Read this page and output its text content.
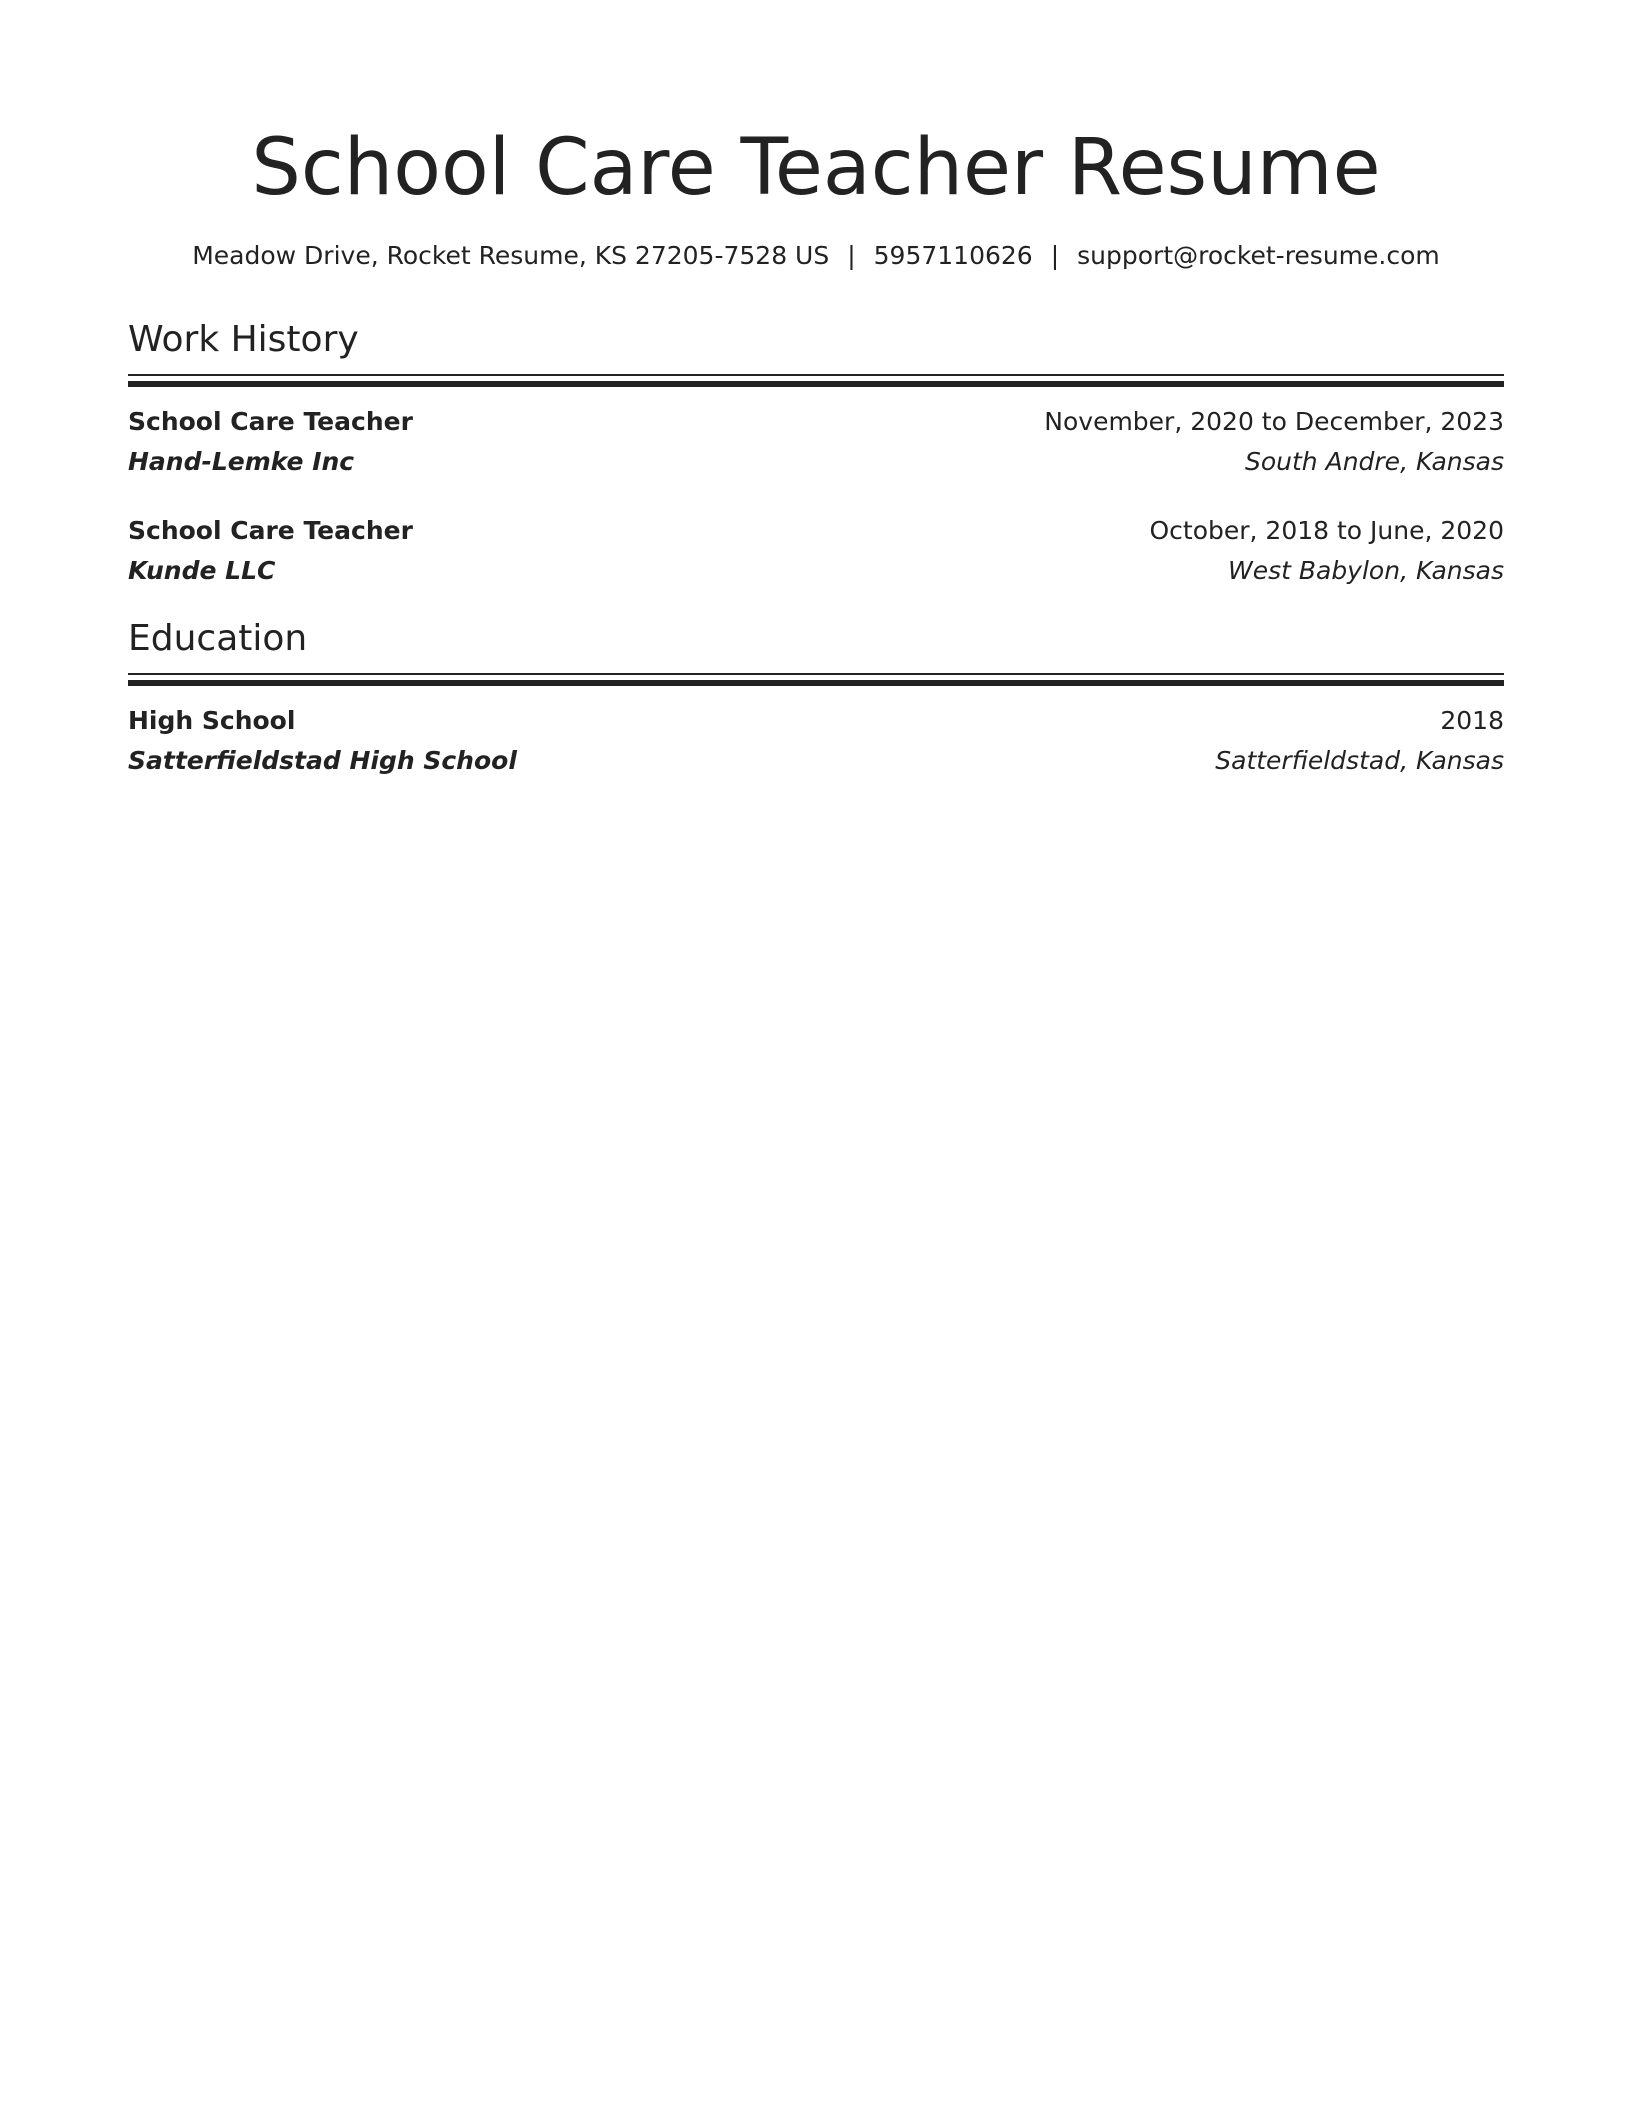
School Care Teacher Resume
Meadow Drive, Rocket Resume, KS 27205-7528 US | 5957110626 | support@rocket-resume.com
Work History
School Care Teacher	November, 2020 to December, 2023
Hand-Lemke Inc	South Andre, Kansas
School Care Teacher	October, 2018 to June, 2020
Kunde LLC	West Babylon, Kansas
Education
High School	2018
Satterfieldstad High School	Satterfieldstad, Kansas
